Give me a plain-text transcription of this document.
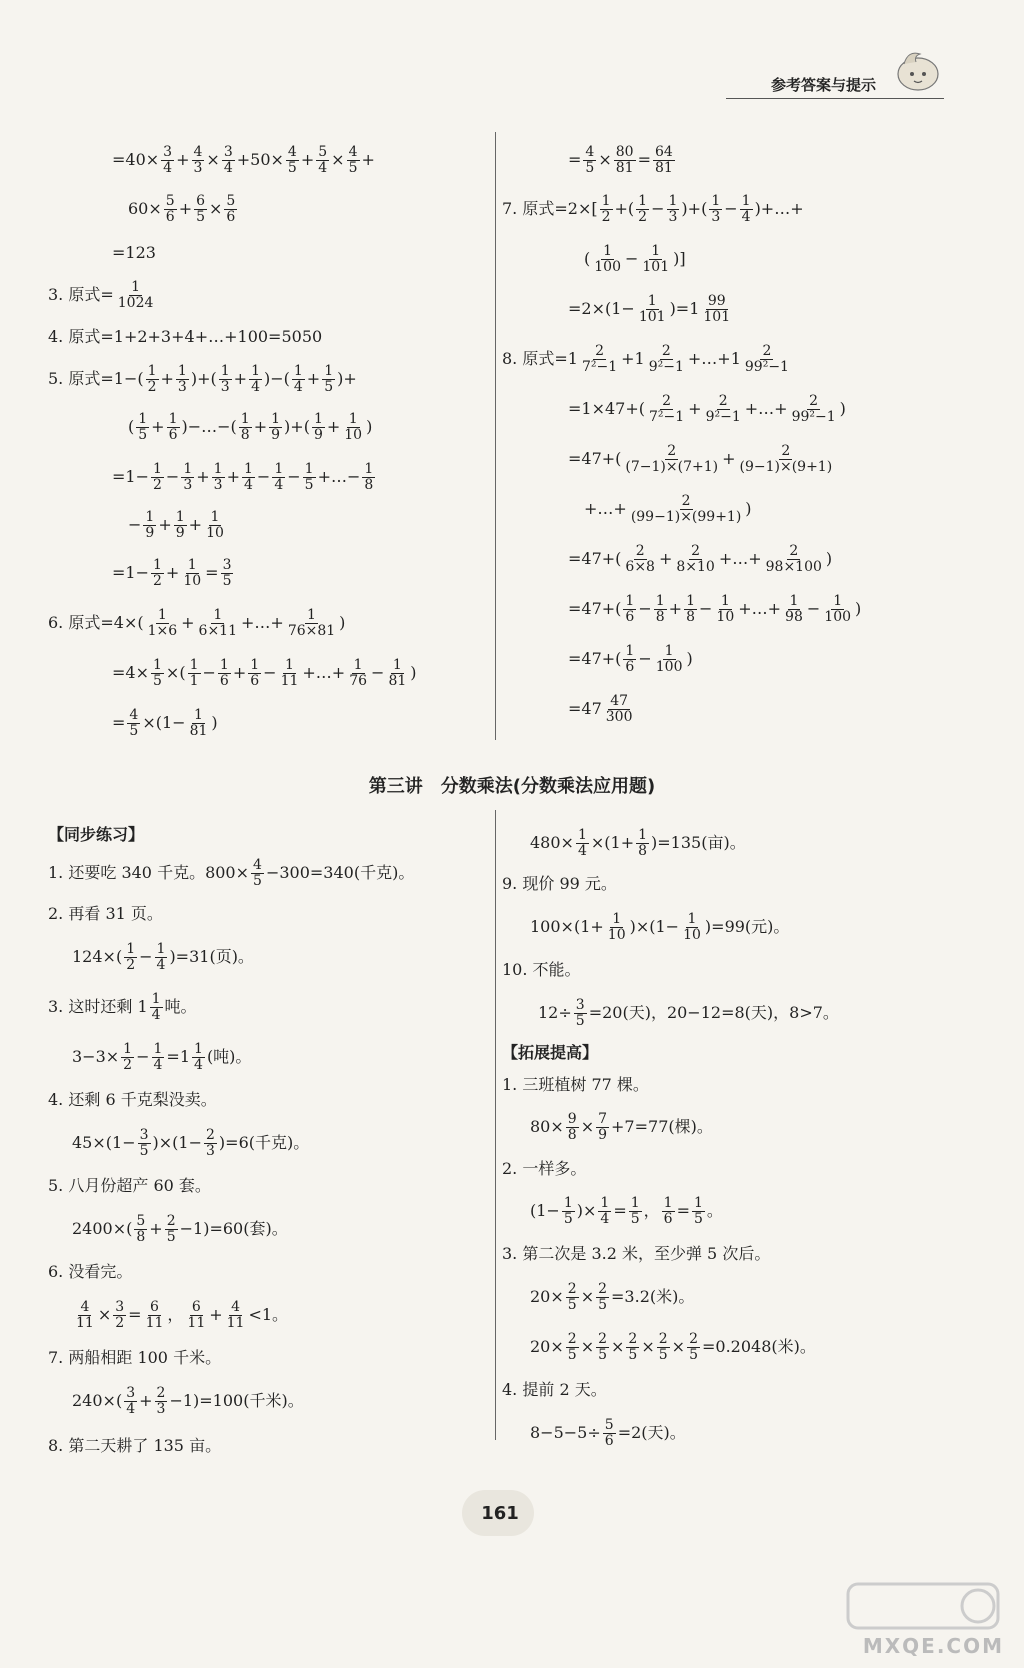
参考答案与提示
$=40\times \frac{3}{4} + \frac{4}{3} \times \frac{3}{4} +50\times \frac{4}{5} + \frac{5}{4} \times \frac{4}{5}$ +
$60\times \frac{5}{6} + \frac{6}{5} \times \frac{5}{6}$
=123
3. 原式= $\frac{1}{1024}$
4. 原式=1+2+3+4+…+100=5050
5. 原式$=1-( \frac{1}{2} + \frac{1}{3}$ )+( $\frac{1}{3} + \frac{1}{4}$ )−( $\frac{1}{4} + \frac{1}{5}$ )+
( $\frac{1}{5} + \frac{1}{6}$ )−…−( $\frac{1}{8} + \frac{1}{9}$ )+( $\frac{1}{9} + \frac{1}{10}$ )
$=1- \frac{1}{2} - \frac{1}{3} + \frac{1}{3} + \frac{1}{4} - \frac{1}{4} - \frac{1}{5}$ +…− $\frac{1}{8}$
− $\frac{1}{9} + \frac{1}{9} + \frac{1}{10}$
$=1- \frac{1}{2} + \frac{1}{10} = \frac{3}{5}$
6. 原式$=4\times( \frac{1}{1\times 6} + \frac{1}{6\times 11}$ +…+ $\frac{1}{76\times 81}$ )
$=4\times \frac{1}{5}$ ×( $\frac{1}{1} - \frac{1}{6} + \frac{1}{6} - \frac{1}{11}$ +…+ $\frac{1}{76} - \frac{1}{81}$ )
= $\frac{4}{5} \times(1- \frac{1}{81}$ )
= $\frac{4}{5} \times \frac{80}{81} = \frac{64}{81}$
7. 原式$=2\times[ \frac{1}{2}$ +( $\frac{1}{2} - \frac{1}{3}$ )+( $\frac{1}{3} - \frac{1}{4}$ )+…+
( $\frac{1}{100} - \frac{1}{101}$ )]
$=2\times(1- \frac{1}{101} )=1 \frac{99}{101}$
8. 原式$=1 \frac{2}{\text{7²−1}} +1 \frac{2}{\text{9²−1}}$ +…+1 $\frac{2}{\text{99²−1}}$
$=1\times 47+( \frac{2}{\text{7²−1}} + \frac{2}{\text{9²−1}}$ +…+ $\frac{2}{\text{99²−1}}$ )
$=47+( \frac{2}{(7-1)\times(7+1)} + \frac{2}{(9-1)\times(9+1)}$
+…+ $\frac{2}{(99-1)\times(99+1)}$ )
$=47+( \frac{2}{6\times 8} + \frac{2}{8\times 10}$ +…+ $\frac{2}{98\times 100}$ )
$=47+( \frac{1}{6} - \frac{1}{8} + \frac{1}{8} - \frac{1}{10}$ +…+ $\frac{1}{98} - \frac{1}{100}$ )
$=47+( \frac{1}{6} - \frac{1}{100}$ )
$=47 \frac{47}{300}$
第三讲　分数乘法(分数乘法应用题)
【同步练习】
1. 还要吃 340 千克。$800\times \frac{4}{5} -300=340$(千克)。
2. 再看 31 页。
$124\times( \frac{1}{2} - \frac{1}{4} )=31$(页)。
3. 这时还剩 $1 \frac{1}{4}$ 吨。
$3-3\times \frac{1}{2} - \frac{1}{4} =1 \frac{1}{4}$ (吨)。
4. 还剩 6 千克梨没卖。
$45\times(1- \frac{3}{5} )\times(1- \frac{2}{3} )=6$(千克)。
5. 八月份超产 60 套。
$2400\times( \frac{5}{8} + \frac{2}{5} -1)=60$(套)。
6. 没看完。
$\frac{4}{11} \times \frac{3}{2} = \frac{6}{11}$ ， $\frac{6}{11} + \frac{4}{11} <1$。
7. 两船相距 100 千米。
$240\times( \frac{3}{4} + \frac{2}{3} -1)=100$(千米)。
8. 第二天耕了 135 亩。
$480\times \frac{1}{4} \times(1+ \frac{1}{8} )=135$(亩)。
9. 现价 99 元。
$100\times(1+ \frac{1}{10} )\times(1- \frac{1}{10} )=99$(元)。
10. 不能。
$12\div \frac{3}{5} =20$(天)，20−12=8(天)，8>7。
【拓展提高】
1. 三班植树 77 棵。
$80\times \frac{9}{8} \times \frac{7}{9} +7=77$(棵)。
2. 一样多。
($1- \frac{1}{5}$ )× $\frac{1}{4} = \frac{1}{5}$ ， $\frac{1}{6} = \frac{1}{5}$ 。
3. 第二次是 3.2 米，至少弹 5 次后。
$20\times \frac{2}{5} \times \frac{2}{5} =3.2$(米)。
$20\times \frac{2}{5} \times \frac{2}{5} \times \frac{2}{5} \times \frac{2}{5} \times \frac{2}{5} =0.2048$(米)。
4. 提前 2 天。
$8-5-5\div \frac{5}{6} =2$(天)。
161
MXQE.COM
